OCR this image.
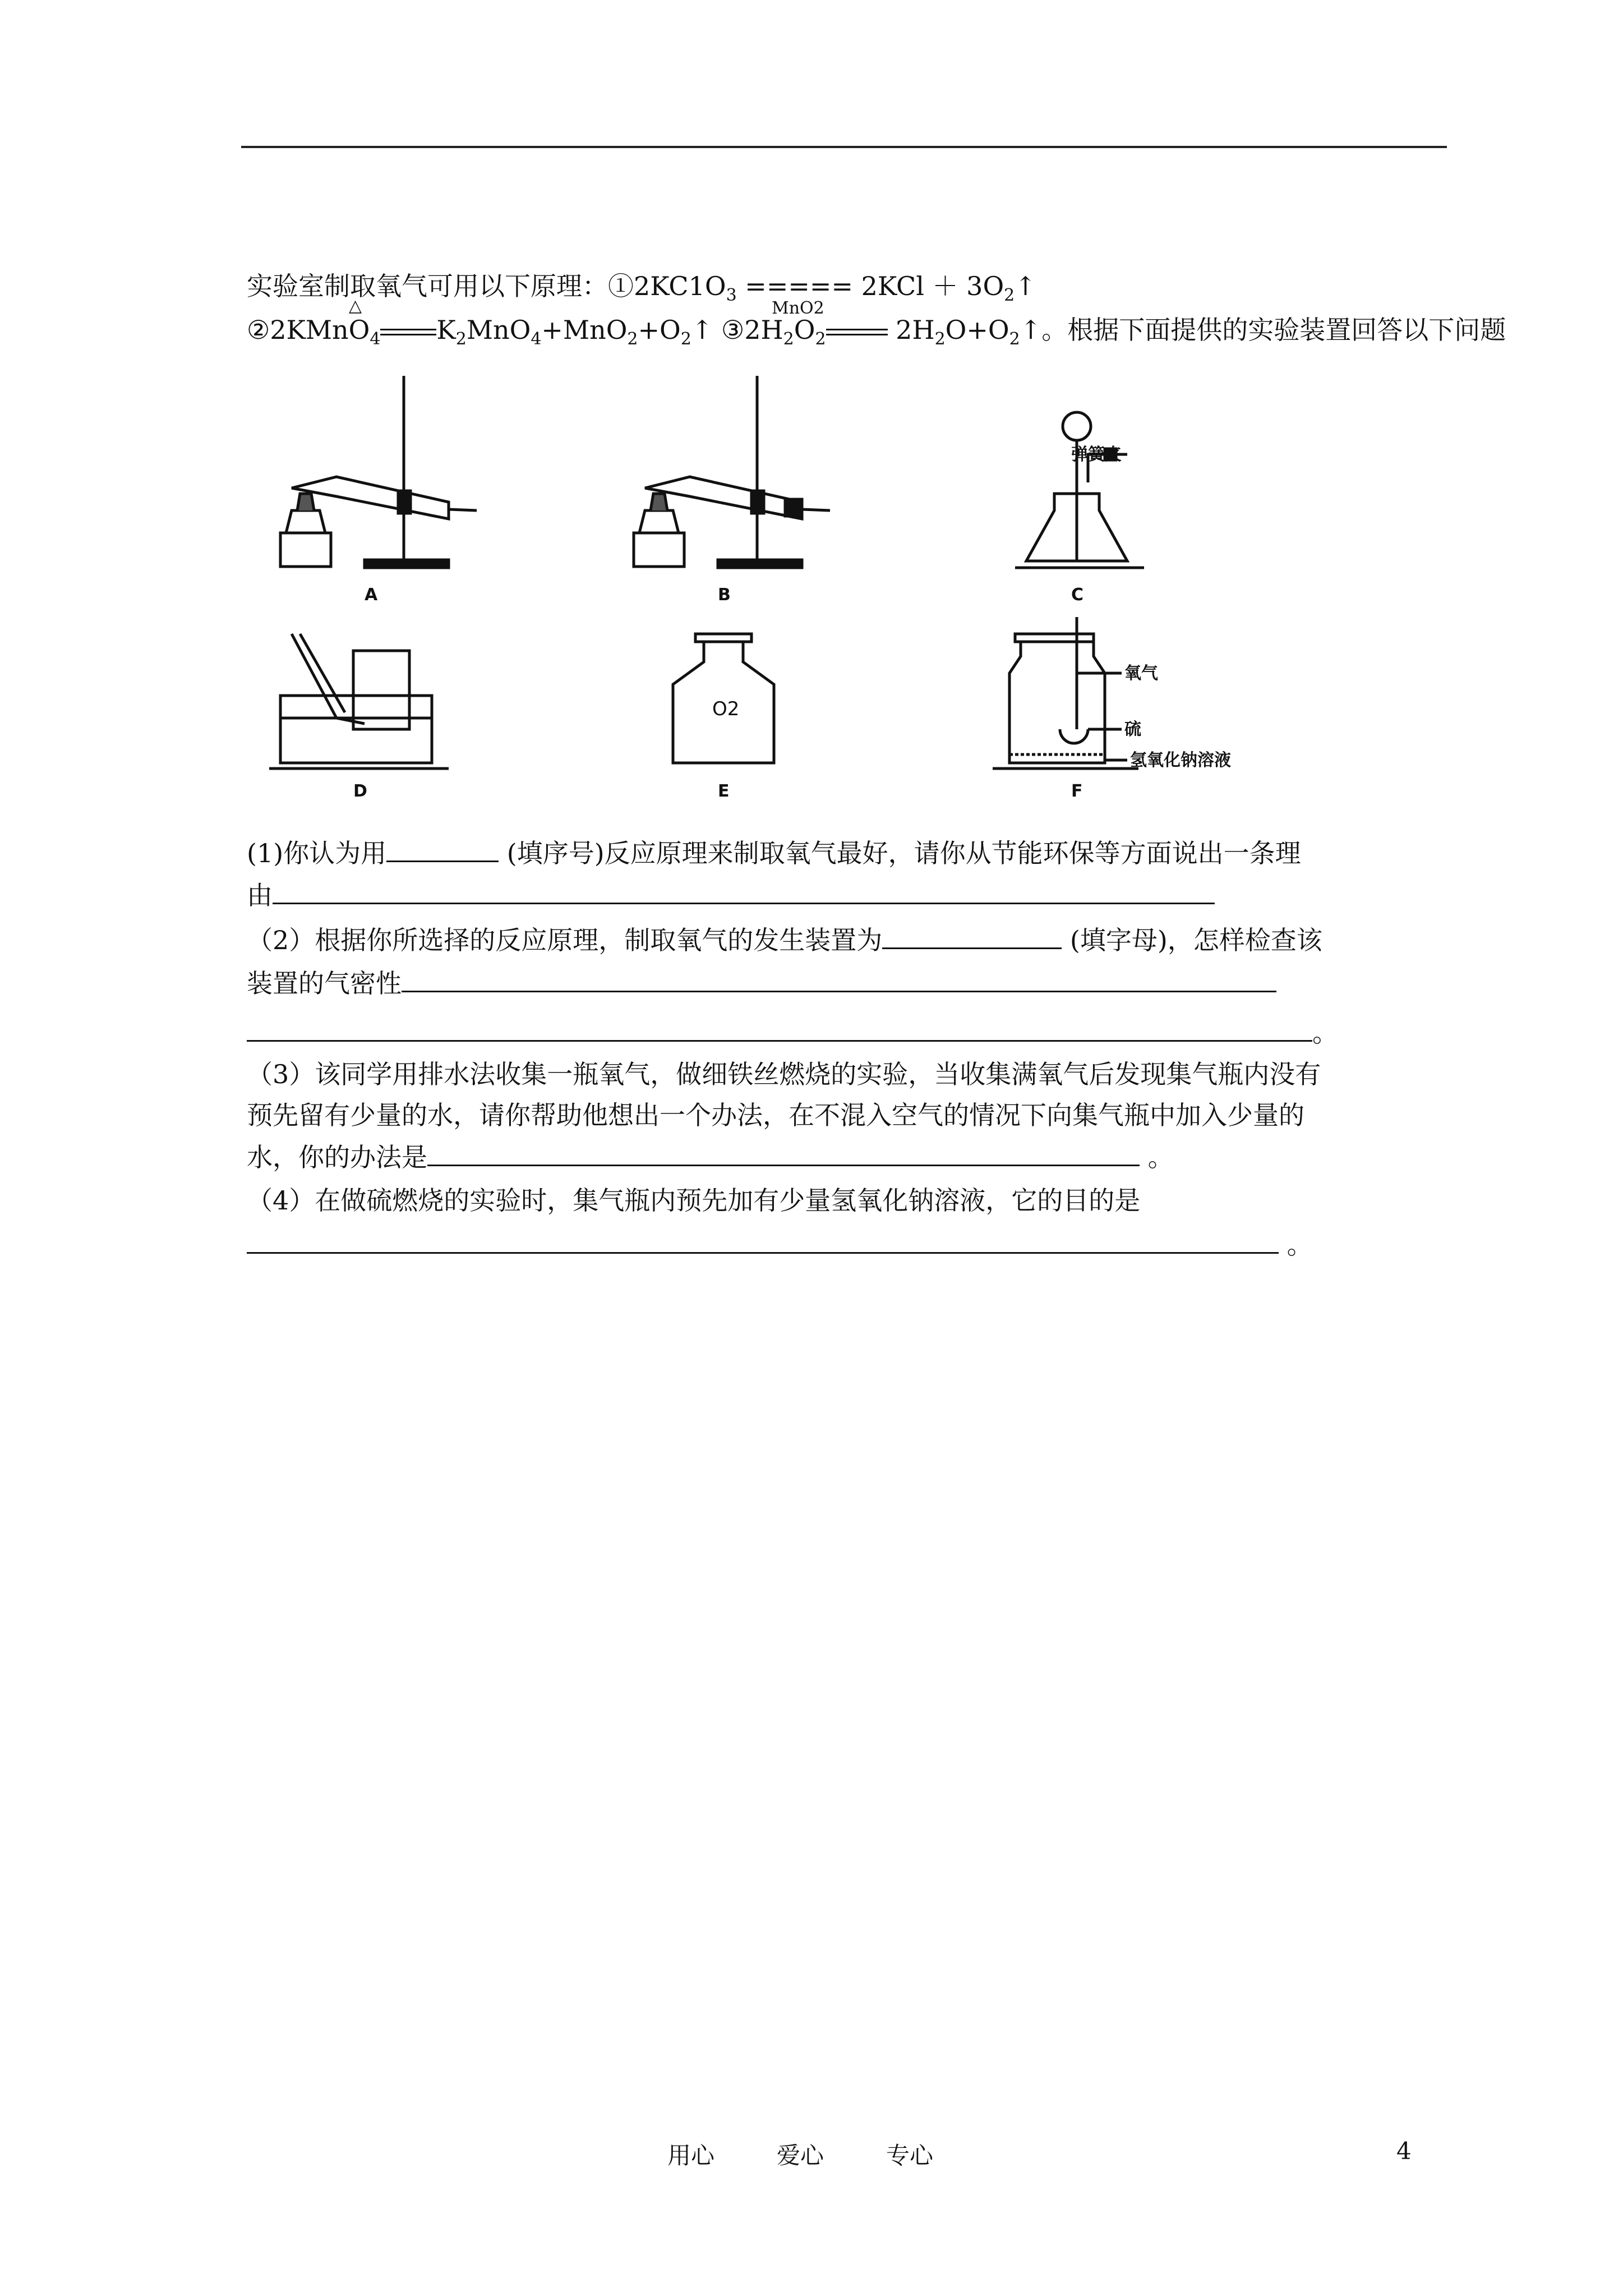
实验室制取氧气可用以下原理：$①2KC1O_3$ ===== $2KCl + 3O_2↑$
△	MnO2
②2KMnO$_4$ $K_2MnO_4+MnO_2+O_2↑$ $③2H_2O_2$ $2H_2O+O_2↑$。根据下面提供的实验装置回答以下问题
A	B	C
D	E	F
弹簧夹
O2
氧气
硫
氢氧化钠溶液
(1)你认为用	(填序号)反应原理来制取氧气最好，请你从节能环保等方面说出一条理
由
（2）根据你所选择的反应原理，制取氧气的发生装置为	(填字母)，怎样检查该
装置的气密性
。
（3）该同学用排水法收集一瓶氧气，做细铁丝燃烧的实验，当收集满氧气后发现集气瓶内没有
预先留有少量的水，请你帮助他想出一个办法，在不混入空气的情况下向集气瓶中加入少量的
水，你的办法是	。
（4）在做硫燃烧的实验时，集气瓶内预先加有少量氢氧化钠溶液，它的目的是
。
用心	爱心	专心	4
